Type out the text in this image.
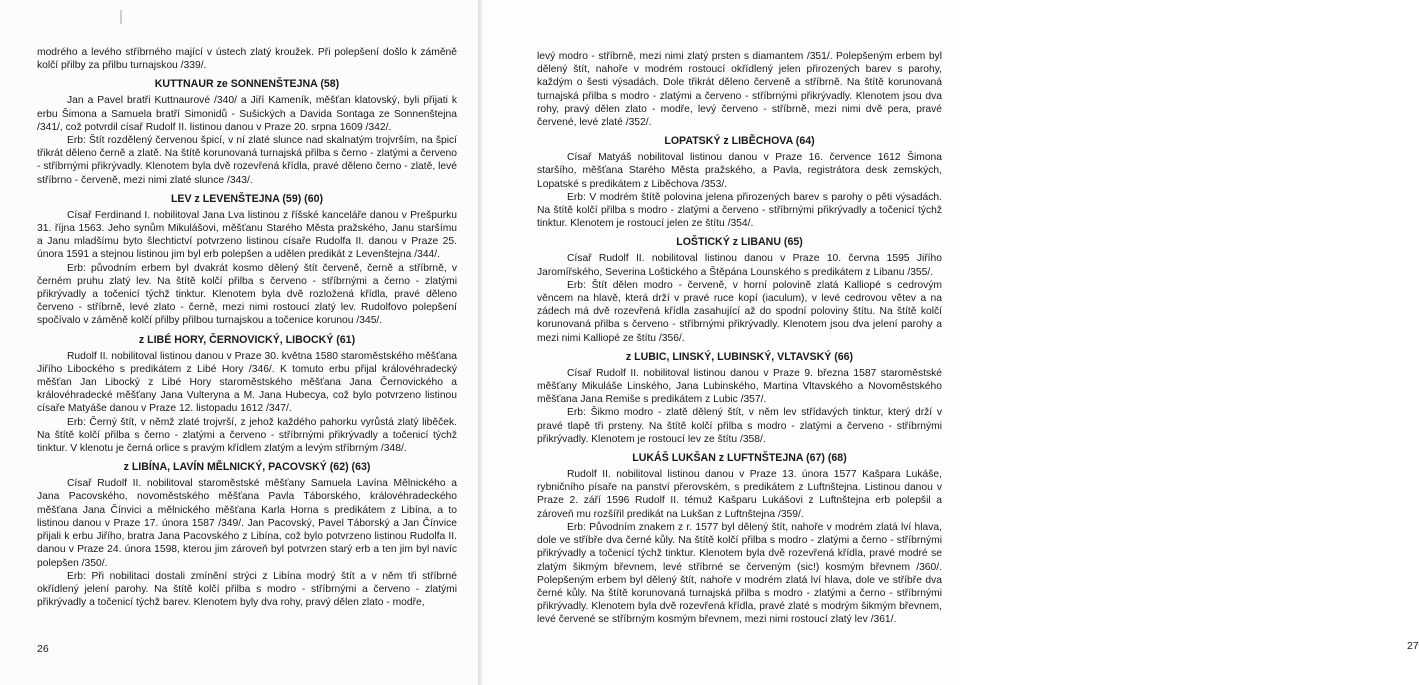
modrého a levého stříbrného mající v ústech zlatý kroužek. Při polepšení došlo k záměně kolčí přilby za přilbu turnajskou /339/.

KUTTNAUR ze SONNENŠTEJNA (58)

Jan a Pavel bratři Kuttnaurové /340/ a Jiří Kameník, měšťan klatovský, byli přijati k erbu Šimona a Samuela bratří Simonidů - Sušických a Davida Sontaga ze Sonnenštejna /341/, což potvrdil císař Rudolf II. listinou danou v Praze 20. srpna 1609 /342/.

Erb: Štít rozdělený červenou špicí, v ní zlaté slunce nad skalnatým trojvrším, na špicí třikrát děleno černě a zlatě. Na štítě korunovaná turnajská přilba s černo - zlatými a červeno - stříbrnými přikrývadly. Klenotem byla dvě rozevřená křídla, pravé děleno černo - zlatě, levé stříbrno - červeně, mezi nimi zlaté slunce /343/.

LEV z LEVENŠTEJNA (59) (60)

Císař Ferdinand I. nobilitoval Jana Lva listinou z říšské kanceláře danou v Prešpurku 31. října 1563. Jeho synům Mikulášovi, měšťanu Starého Města pražského, Janu staršímu a Janu mladšímu byto šlechtictví potvrzeno listinou císaře Rudolfa II. danou v Praze 25. února 1591 a stejnou listinou jim byl erb polepšen a udělen predikát z Levenštejna /344/.

Erb: původním erbem byl dvakrát kosmo dělený štít červeně, černě a stříbrně, v černém pruhu zlatý lev. Na štítě kolčí přilba s červeno - stříbrnými a černo - zlatými přikrývadly a točenicí týchž tinktur. Klenotem byla dvě rozložená křídla, pravé děleno červeno - stříbrně, levé zlato - černě, mezi nimi rostoucí zlatý lev. Rudolfovo polepšení spočívalo v záměně kolčí přilby přilbou turnajskou a točenice korunou /345/.

z LIBÉ HORY, ČERNOVICKÝ, LIBOCKÝ (61)

Rudolf II. nobilitoval listinou danou v Praze 30. května 1580 staroměstského měšťana Jiřího Libockého s predikátem z Libé Hory /346/. K tomuto erbu přijal královéhradecký měšťan Jan Libocký z Libé Hory staroměstského měšťana Jana Černovického a královéhradecké měšťany Jana Vulteryna a M. Jana Hubecya, což bylo potvrzeno listinou císaře Matyáše danou v Praze 12. listopadu 1612 /347/.

Erb: Černý štít, v němž zlaté trojvrší, z jehož každého pahorku vyrůstá zlatý liběček. Na štítě kolčí přilba s černo - zlatými a červeno - stříbrnými přikrývadly a točenicí týchž tinktur. V klenotu je černá orlice s pravým křídlem zlatým a levým stříbrným /348/.

z LIBÍNA, LAVÍN MĚLNICKÝ, PACOVSKÝ (62) (63)

Císař Rudolf II. nobilitoval staroměstské měšťany Samuela Lavína Mělnického a Jana Pacovského, novoměstského měšťana Pavla Táborského, královéhradeckého měšťana Jana Čínvici a mělnického měšťana Karla Horna s predikátem z Libína, a to listinou danou v Praze 17. února 1587 /349/. Jan Pacovský, Pavel Táborský a Jan Čínvice přijali k erbu Jiřího, bratra Jana Pacovského z Libína, což bylo potvrzeno listinou Rudolfa II. danou v Praze 24. února 1598, kterou jim zároveň byl potvrzen starý erb a ten jim byl navíc polepšen /350/.

Erb: Při nobilitaci dostali zmínění strýci z Libína modrý štít a v něm tři stříbrné okřídlený jelení parohy. Na štítě kolčí přilba s modro - stříbrnými a červeno - zlatými přikrývadly a točenicí týchž barev. Klenotem byly dva rohy, pravý dělen zlato - modře,

26

levý modro - stříbrně, mezi nimi zlatý prsten s diamantem /351/. Polepšeným erbem byl dělený štít, nahoře v modrém rostoucí okřídlený jelen přirozených barev s parohy, každým o šesti výsadách. Dole třikrát děleno červeně a stříbrně. Na štítě korunovaná turnajská přilba s modro - zlatými a červeno - stříbrnými přikrývadly. Klenotem jsou dva rohy, pravý dělen zlato - modře, levý červeno - stříbrně, mezi nimi dvě pera, pravé červené, levé zlaté /352/.

LOPATSKÝ z LIBĚCHOVA (64)

Císař Matyáš nobilitoval listinou danou v Praze 16. července 1612 Šimona staršího, měšťana Starého Města pražského, a Pavla, registrátora desk zemských, Lopatské s predikátem z Liběchova /353/.

Erb: V modrém štítě polovina jelena přirozených barev s parohy o pěti výsadách. Na štítě kolčí přilba s modro - zlatými a červeno - stříbrnými přikrývadly a točenicí týchž tinktur. Klenotem je rostoucí jelen ze štítu /354/.

LOŠTICKÝ z LIBANU (65)

Císař Rudolf II. nobilitoval listinou danou v Praze 10. června 1595 Jiřího Jaromířského, Severina Loštického a Štěpána Lounského s predikátem z Libanu /355/.

Erb: Štít dělen modro - červeně, v horní polovině zlatá Kalliopé s cedrovým věncem na hlavě, která drží v pravé ruce kopí (iaculum), v levé cedrovou větev a na zádech má dvě rozevřená křídla zasahující až do spodní poloviny štítu. Na štítě kolčí korunovaná přilba s červeno - stříbrnými přikrývadly. Klenotem jsou dva jelení parohy a mezi nimi Kalliopé ze štítu /356/.

z LUBIC, LINSKÝ, LUBINSKÝ, VLTAVSKÝ (66)

Císař Rudolf II. nobilitoval listinou danou v Praze 9. března 1587 staroměstské měšťany Mikuláše Linského, Jana Lubinského, Martina Vltavského a Novoměstského měšťana Jana Remiše s predikátem z Lubic /357/.

Erb: Šikmo modro - zlatě dělený štít, v něm lev střídavých tinktur, který drží v pravé tlapě tři prsteny. Na štítě kolčí přilba s modro - zlatými a červeno - stříbrnými přikrývadly. Klenotem je rostoucí lev ze štítu /358/.

LUKÁŠ LUKŠAN z LUFTNŠTEJNA (67) (68)

Rudolf II. nobilitoval listinou danou v Praze 13. února 1577 Kašpara Lukáše, rybničního písaře na panství přerovském, s predikátem z Luftnštejna. Listinou danou v Praze 2. září 1596 Rudolf II. témuž Kašparu Lukášovi z Luftnštejna erb polepšil a zároveň mu rozšířil predikát na Lukšan z Luftnštejna /359/.

Erb: Původním znakem z r. 1577 byl dělený štít, nahoře v modrém zlatá lví hlava, dole ve stříbře dva černé kůly. Na štítě kolčí přilba s modro - zlatými a černo - stříbrnými přikrývadly a točenicí týchž tinktur. Klenotem byla dvě rozevřená křídla, pravé modré se zlatým šikmým břevnem, levé stříbrné se červeným (sic!) kosmým břevnem /360/. Polepšeným erbem byl dělený štít, nahoře v modrém zlatá lví hlava, dole ve stříbře dva černé kůly. Na štítě korunovaná turnajská přilba s modro - zlatými a černo - stříbrnými přikrývadly. Klenotem byla dvě rozevřená křídla, pravé zlaté s modrým šikmým břevnem, levé červené se stříbrným kosmým břevnem, mezi nimi rostoucí zlatý lev /361/.

27
